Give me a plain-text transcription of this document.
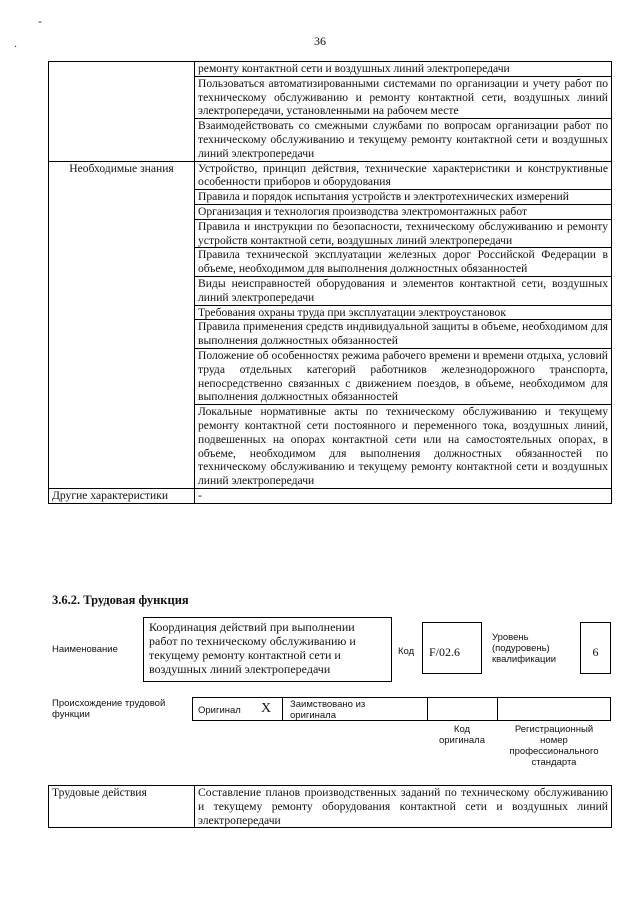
-
.	36
	ремонту контактной сети и воздушных линий электропередачи
	Пользоваться автоматизированными системами по организации и учету работ по техническому обслуживанию и ремонту контактной сети, воздушных линий электропередачи, установленными на рабочем месте
	Взаимодействовать со смежными службами по вопросам организации работ по техническому обслуживанию и текущему ремонту контактной сети и воздушных линий электропередачи
Необходимые знания	Устройство, принцип действия, технические характеристики и конструктивные особенности приборов и оборудования
	Правила и порядок испытания устройств и электротехнических измерений
	Организация и технология производства электромонтажных работ
	Правила и инструкции по безопасности, техническому обслуживанию и ремонту устройств контактной сети, воздушных линий электропередачи
	Правила технической эксплуатации железных дорог Российской Федерации в объеме, необходимом для выполнения должностных обязанностей
	Виды неисправностей оборудования и элементов контактной сети, воздушных линий электропередачи
	Требования охраны труда при эксплуатации электроустановок
	Правила применения средств индивидуальной защиты в объеме, необходимом для выполнения должностных обязанностей
	Положение об особенностях режима рабочего времени и времени отдыха, условий труда отдельных категорий работников железнодорожного транспорта, непосредственно связанных с движением поездов, в объеме, необходимом для выполнения должностных обязанностей
	Локальные нормативные акты по техническому обслуживанию и текущему ремонту контактной сети постоянного и переменного тока, воздушных линий, подвешенных на опорах контактной сети или на самостоятельных опорах, в объеме, необходимом для выполнения должностных обязанностей по техническому обслуживанию и текущему ремонту контактной сети и воздушных линий электропередачи
Другие характеристики	-
3.6.2. Трудовая функция
Наименование
Координация действий при выполнении работ по техническому обслуживанию и текущему ремонту контактной сети и воздушных линий электропередачи
Код	F/02.6
Уровень (подуровень) квалификации
6
Происхождение трудовой функции	Оригинал X Заимствовано из оригинала
Код оригинала
Регистрационный номер профессионального стандарта
Трудовые действия	Составление планов производственных заданий по техническому обслуживанию и текущему ремонту оборудования контактной сети и воздушных линий электропередачи
